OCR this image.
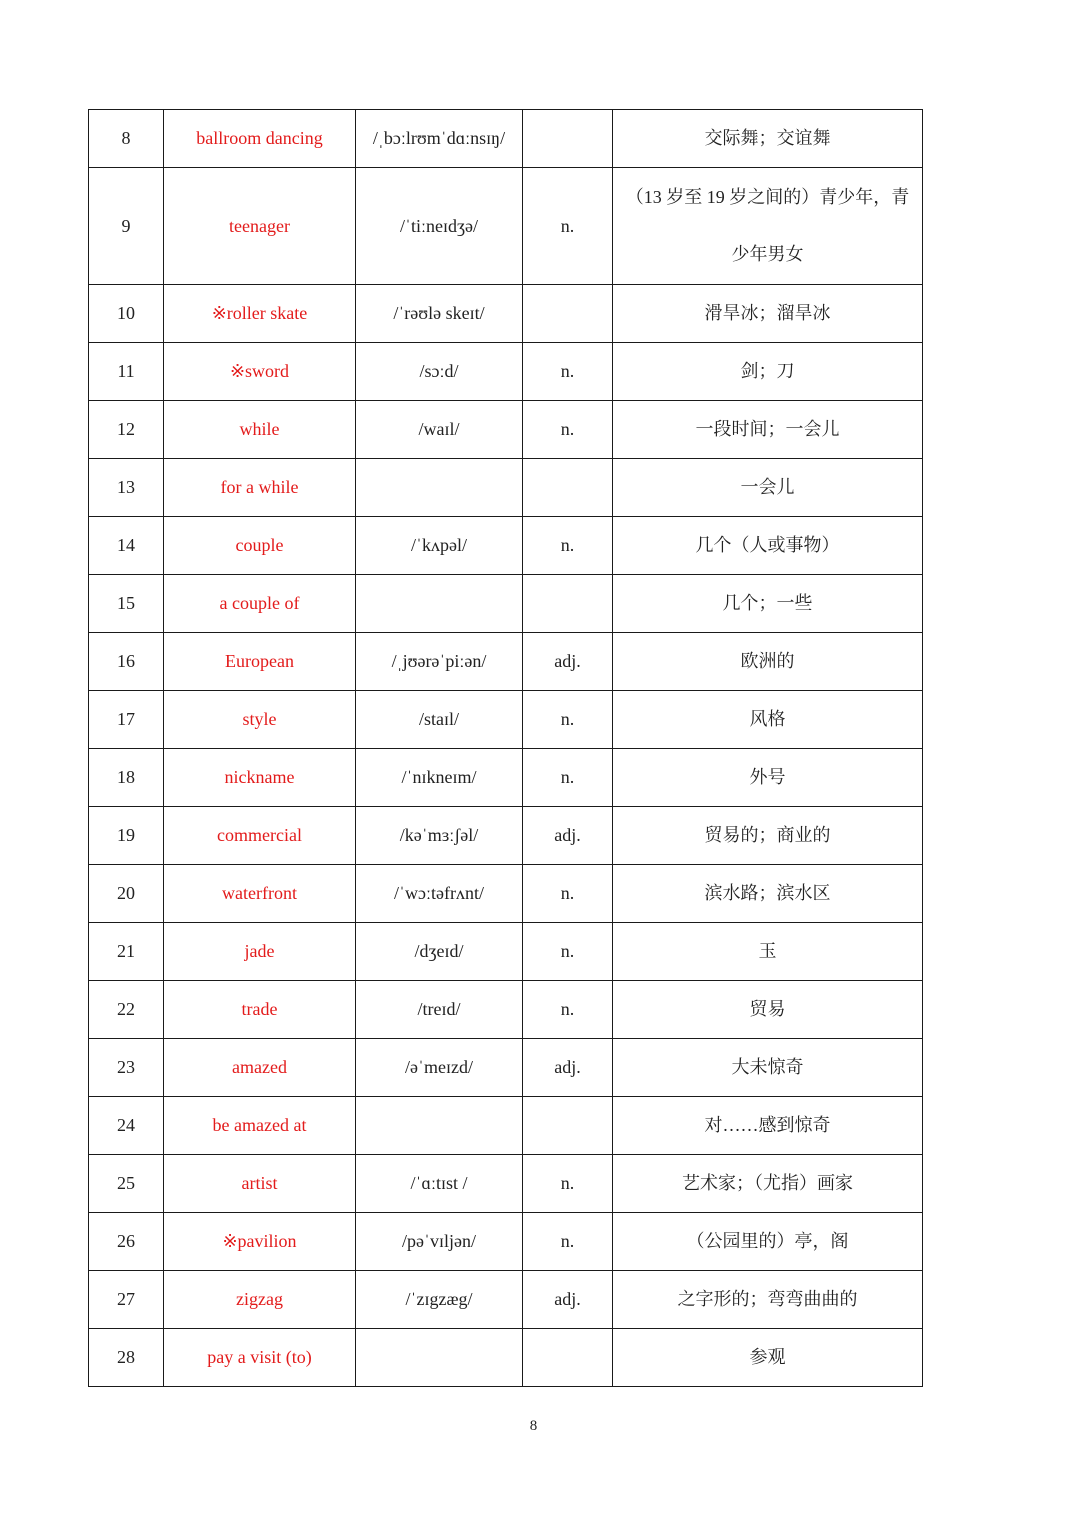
8	ballroom dancing	/ˌbɔːlrʊmˈdɑːnsɪŋ/		交际舞；交谊舞
9	teenager	/ˈtiːneɪdʒə/	n.	（13 岁至 19 岁之间的）青少年，青少年男女
10	※roller skate	/ˈrəʊlə skeɪt/		滑旱冰；溜旱冰
11	※sword	/sɔːd/	n.	剑；刀
12	while	/waɪl/	n.	一段时间；一会儿
13	for a while			一会儿
14	couple	/ˈkʌpəl/	n.	几个（人或事物）
15	a couple of			几个；一些
16	European	/ˌjʊərəˈpiːən/	adj.	欧洲的
17	style	/staɪl/	n.	风格
18	nickname	/ˈnɪkneɪm/	n.	外号
19	commercial	/kəˈmɜːʃəl/	adj.	贸易的；商业的
20	waterfront	/ˈwɔːtəfrʌnt/	n.	滨水路；滨水区
21	jade	/dʒeɪd/	n.	玉
22	trade	/treɪd/	n.	贸易
23	amazed	/əˈmeɪzd/	adj.	大未惊奇
24	be amazed at			对……感到惊奇
25	artist	/ˈɑːtɪst /	n.	艺术家；（尤指）画家
26	※pavilion	/pəˈvɪljən/	n.	（公园里的）亭，阁
27	zigzag	/ˈzɪgzæg/	adj.	之字形的；弯弯曲曲的
28	pay a visit (to)			参观
8
